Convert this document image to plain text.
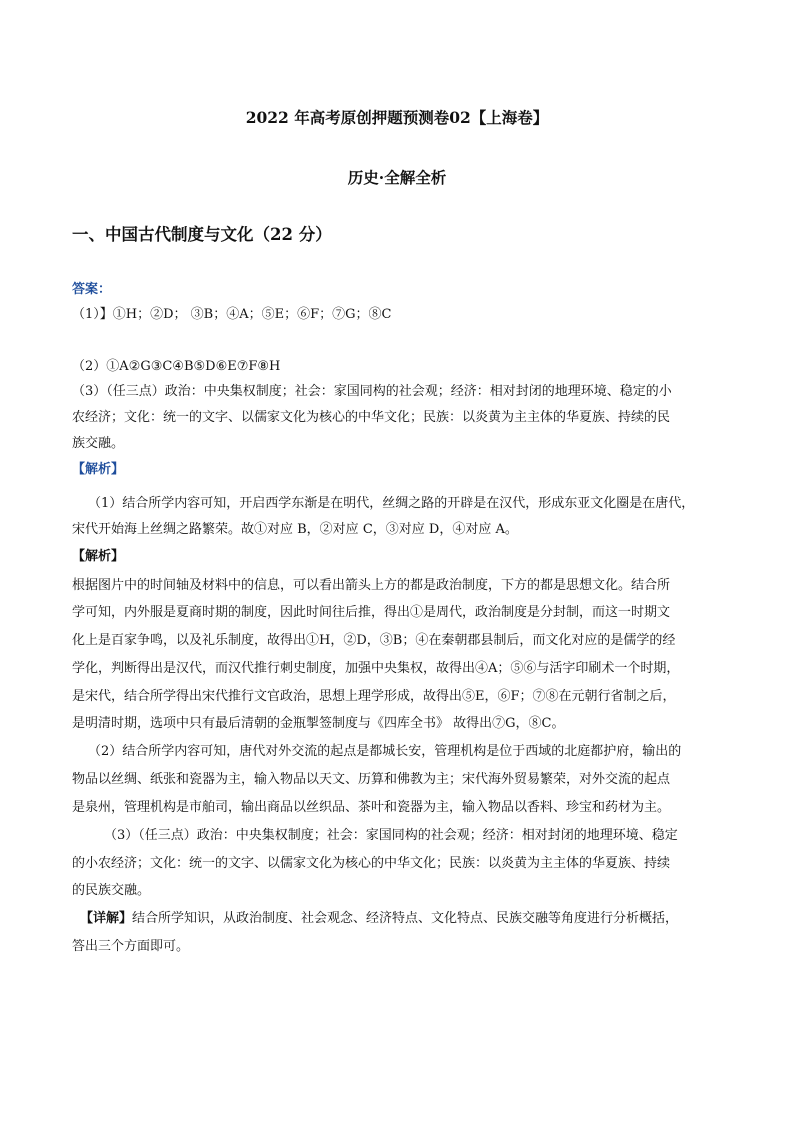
2022 年高考原创押题预测卷02【上海卷】
历史·全解全析
一、中国古代制度与文化（22 分）
答案：
（1）】①H；②D； ③B；④A；⑤E；⑥F；⑦G；⑧C
（2）①A②G③C④B⑤D⑥E⑦F⑧H
（3）（任三点）政治：中央集权制度；社会：家国同构的社会观；经济：相对封闭的地理环境、稳定的小
农经济；文化：统一的文字、以儒家文化为核心的中华文化；民族：以炎黄为主主体的华夏族、持续的民
族交融。
【解析】
（1）结合所学内容可知，开启西学东渐是在明代，丝绸之路的开辟是在汉代，形成东亚文化圈是在唐代，
宋代开始海上丝绸之路繁荣。故①对应 B，②对应 C，③对应 D，④对应 A。
【解析】
根据图片中的时间轴及材料中的信息，可以看出箭头上方的都是政治制度，下方的都是思想文化。结合所
学可知，内外服是夏商时期的制度，因此时间往后推，得出①是周代，政治制度是分封制，而这一时期文
化上是百家争鸣，以及礼乐制度，故得出①H，②D，③B；④在秦朝郡县制后，而文化对应的是儒学的经
学化，判断得出是汉代，而汉代推行刺史制度，加强中央集权，故得出④A；⑤⑥与活字印刷术一个时期，
是宋代，结合所学得出宋代推行文官政治，思想上理学形成，故得出⑤E，⑥F；⑦⑧在元朝行省制之后，
是明清时期，选项中只有最后清朝的金瓶掣签制度与《四库全书》 故得出⑦G，⑧C。
（2）结合所学内容可知，唐代对外交流的起点是都城长安，管理机构是位于西域的北庭都护府，输出的
物品以丝绸、纸张和瓷器为主，输入物品以天文、历算和佛教为主；宋代海外贸易繁荣，对外交流的起点
是泉州，管理机构是市舶司，输出商品以丝织品、茶叶和瓷器为主，输入物品以香料、珍宝和药材为主。
（3）（任三点）政治：中央集权制度；社会：家国同构的社会观；经济：相对封闭的地理环境、稳定
的小农经济；文化：统一的文字、以儒家文化为核心的中华文化；民族：以炎黄为主主体的华夏族、持续
的民族交融。
【详解】结合所学知识，从政治制度、社会观念、经济特点、文化特点、民族交融等角度进行分析概括，
答出三个方面即可。
